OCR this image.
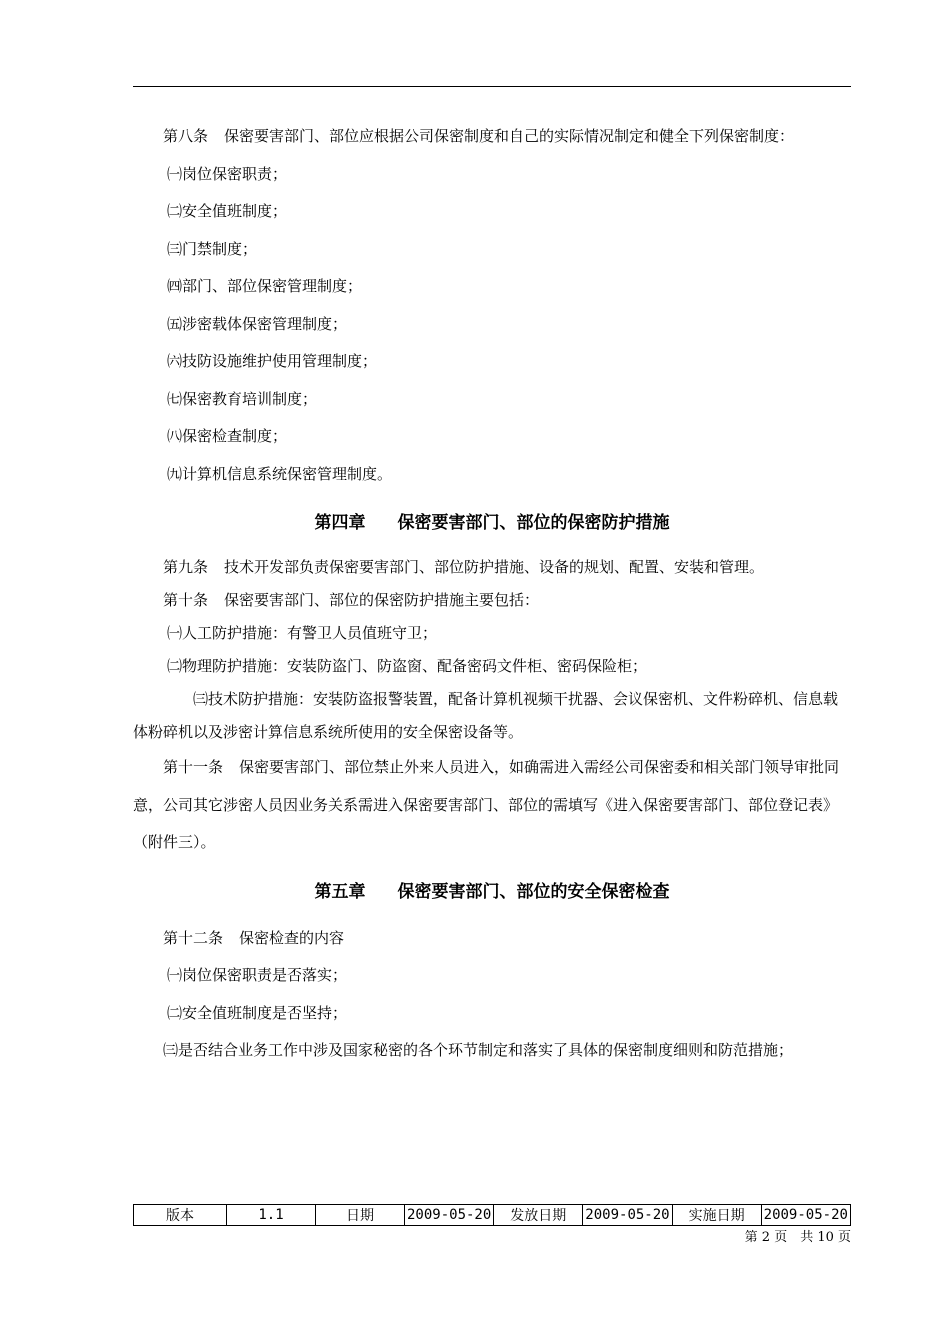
第八条 保密要害部门、部位应根据公司保密制度和自己的实际情况制定和健全下列保密制度：

㈠岗位保密职责；

㈡安全值班制度；

㈢门禁制度；

㈣部门、部位保密管理制度；

㈤涉密载体保密管理制度；

㈥技防设施维护使用管理制度；

㈦保密教育培训制度；

㈧保密检查制度；

㈨计算机信息系统保密管理制度。

第四章 保密要害部门、部位的保密防护措施

第九条 技术开发部负责保密要害部门、部位防护措施、设备的规划、配置、安装和管理。

第十条 保密要害部门、部位的保密防护措施主要包括：

㈠人工防护措施：有警卫人员值班守卫；

㈡物理防护措施：安装防盗门、防盗窗、配备密码文件柜、密码保险柜；

㈢技术防护措施：安装防盗报警装置，配备计算机视频干扰器、会议保密机、文件粉碎机、信息载体粉碎机以及涉密计算信息系统所使用的安全保密设备等。

第十一条 保密要害部门、部位禁止外来人员进入，如确需进入需经公司保密委和相关部门领导审批同意，公司其它涉密人员因业务关系需进入保密要害部门、部位的需填写《进入保密要害部门、部位登记表》（附件三）。

第五章 保密要害部门、部位的安全保密检查

第十二条 保密检查的内容

㈠岗位保密职责是否落实；

㈡安全值班制度是否坚持；

㈢是否结合业务工作中涉及国家秘密的各个环节制定和落实了具体的保密制度细则和防范措施；

版本	1.1	日期	2009-05-20	发放日期	2009-05-20	实施日期	2009-05-20
第 2 页　共 10 页
